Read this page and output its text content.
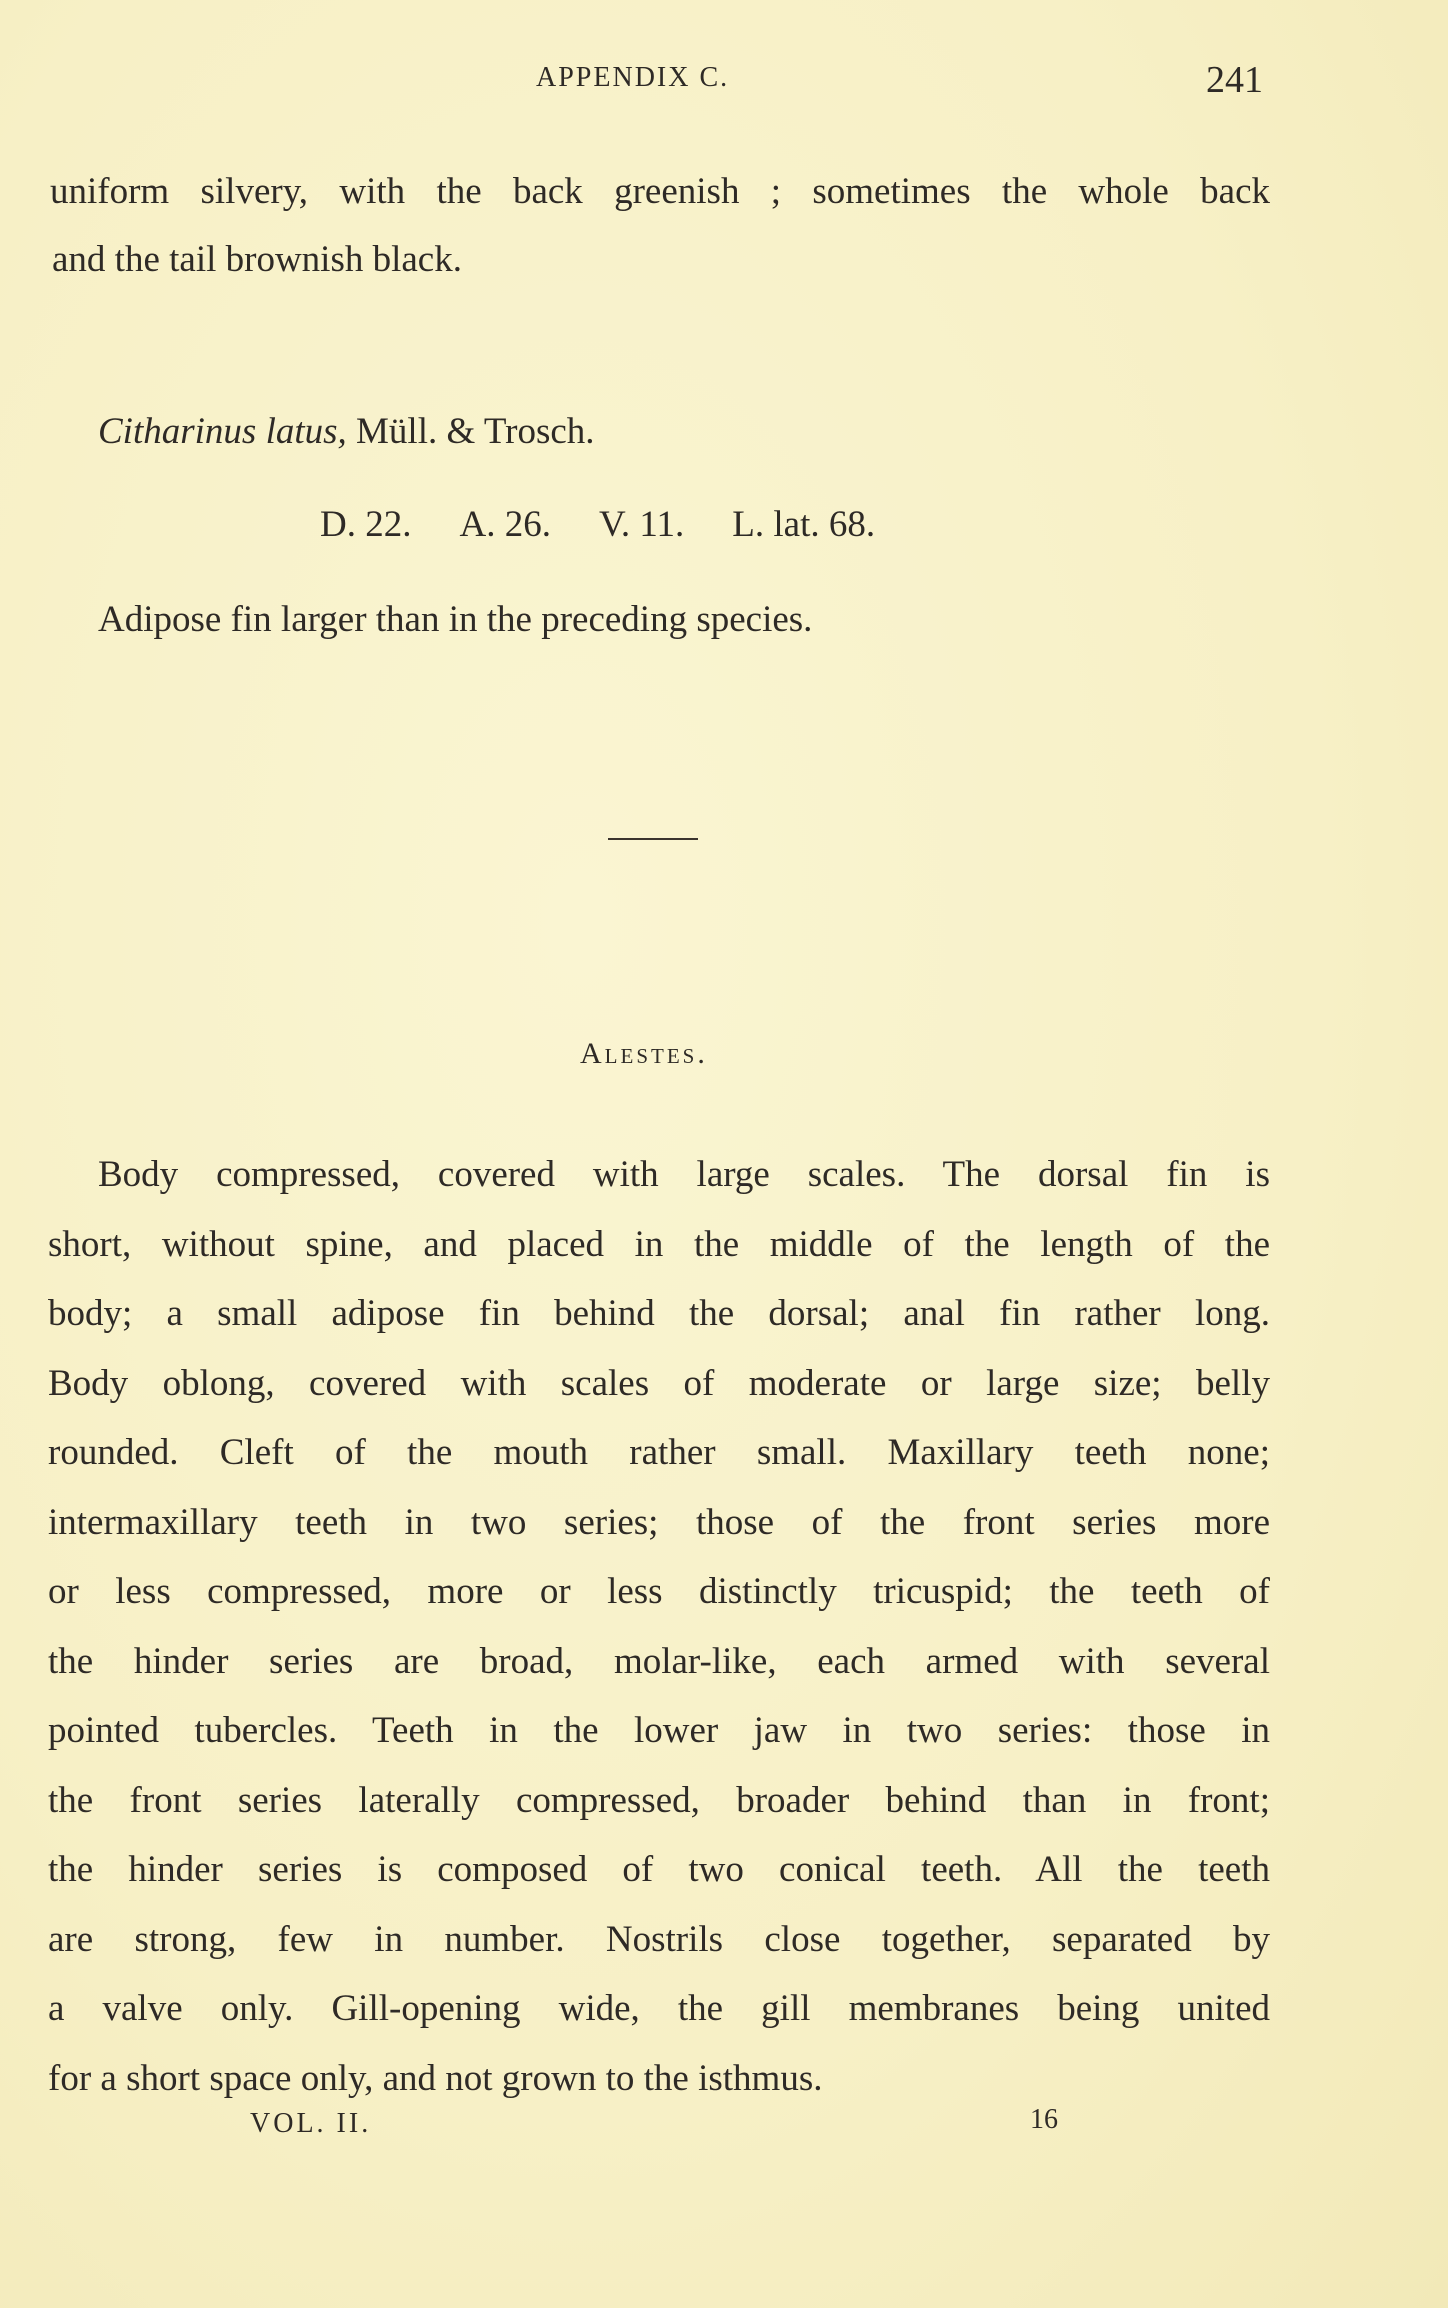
APPENDIX C.	241
uniform silvery, with the back greenish ; sometimes the whole back
and the tail brownish black.
Citharinus latus, Müll. & Trosch.
D. 22. A. 26. V. 11. L. lat. 68.
Adipose fin larger than in the preceding species.
Alestes.
Body compressed, covered with large scales. The dorsal fin is
short, without spine, and placed in the middle of the length of the
body; a small adipose fin behind the dorsal; anal fin rather long.
Body oblong, covered with scales of moderate or large size; belly
rounded. Cleft of the mouth rather small. Maxillary teeth none;
intermaxillary teeth in two series; those of the front series more
or less compressed, more or less distinctly tricuspid; the teeth of
the hinder series are broad, molar-like, each armed with several
pointed tubercles. Teeth in the lower jaw in two series: those in
the front series laterally compressed, broader behind than in front;
the hinder series is composed of two conical teeth. All the teeth
are strong, few in number. Nostrils close together, separated by
a valve only. Gill-opening wide, the gill membranes being united
for a short space only, and not grown to the isthmus.
VOL. II.	16
